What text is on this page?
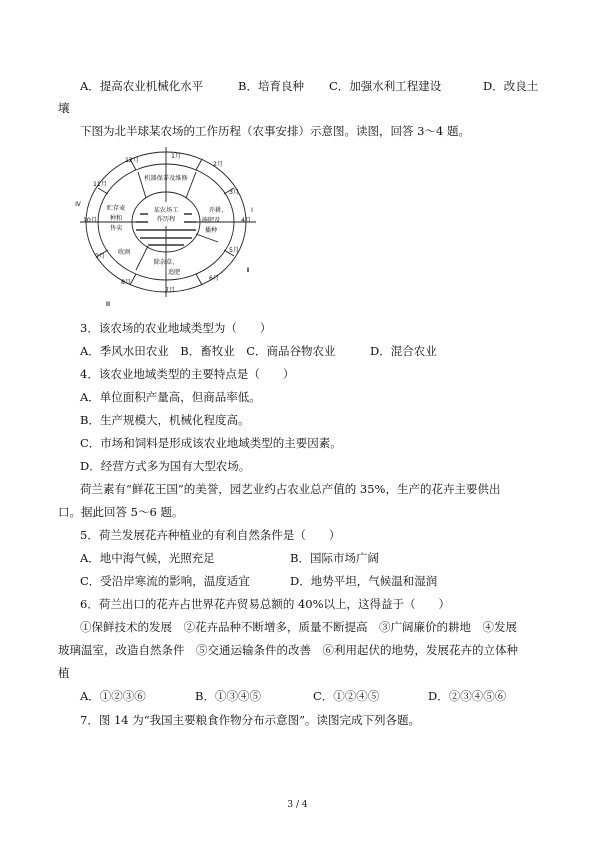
A．提高农业机械化水平	B．培育良种 C．加强水利工程建设	D．改良土
壤
下图为北半球某农场的工作历程（农事安排）示意图。读图，回答 3～4 题。
某农场工
作历程
机器保养及维修
乔耕、
施肥及
播种
除杂草、
追肥
收割
贮存麦
种和
售卖
1月
2月
3月
4月
5月
6月
7月
8月
9月
10月
11月
12月
Ⅰ
Ⅱ
Ⅲ
Ⅳ
3．该农场的农业地域类型为（　　）
A．季风水田农业　B．畜牧业　C．商品谷物农业　　　D．混合农业
4．该农业地域类型的主要特点是（　　）
A．单位面积产量高，但商品率低。
B．生产规模大，机械化程度高。
C．市场和饲料是形成该农业地域类型的主要因素。
D．经营方式多为国有大型农场。
荷兰素有“鲜花王国”的美誉，园艺业约占农业总产值的 35%，生产的花卉主要供出
口。据此回答 5～6 题。
5．荷兰发展花卉种植业的有利自然条件是（　　）
A．地中海气候，光照充足	B．国际市场广阔
C．受沿岸寒流的影响，温度适宜	D．地势平坦，气候温和湿润
6．荷兰出口的花卉占世界花卉贸易总额的 40%以上，这得益于（　　）
①保鲜技术的发展　②花卉品种不断增多，质量不断提高　③广阔廉价的耕地　④发展
玻璃温室，改造自然条件　⑤交通运输条件的改善　⑥利用起伏的地势，发展花卉的立体种
植
A．①②③⑥	B．①③④⑤	C．①②④⑤	D．②③④⑤⑥
7．图 14 为“我国主要粮食作物分布示意图”。读图完成下列各题。
3 / 4
